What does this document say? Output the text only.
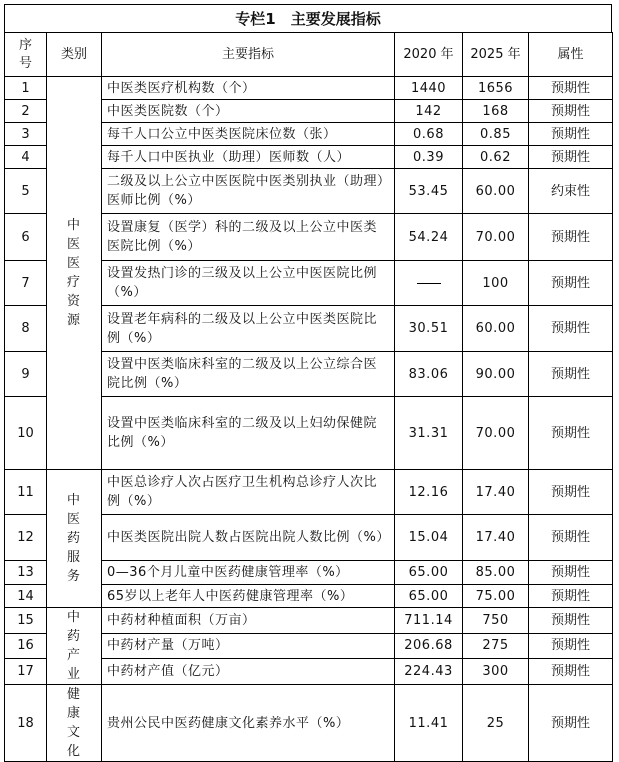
专栏1　主要发展指标
序号	类别	主要指标	2020 年	2025 年	属性
1	中医医疗资源	中医类医疗机构数（个）	1440	1656	预期性
2		中医类医院数（个）	142	168	预期性
3		每千人口公立中医类医院床位数（张）	0.68	0.85	预期性
4		每千人口中医执业（助理）医师数（人）	0.39	0.62	预期性
5		二级及以上公立中医医院中医类别执业（助理）医师比例（%）	53.45	60.00	约束性
6		设置康复（医学）科的二级及以上公立中医类医院比例（%）	54.24	70.00	预期性
7		设置发热门诊的三级及以上公立中医医院比例（%）		100	预期性
8		设置老年病科的二级及以上公立中医类医院比例（%）	30.51	60.00	预期性
9		设置中医类临床科室的二级及以上公立综合医院比例（%）	83.06	90.00	预期性
10		设置中医类临床科室的二级及以上妇幼保健院比例（%）	31.31	70.00	预期性
11	中医药服务	中医总诊疗人次占医疗卫生机构总诊疗人次比例（%）	12.16	17.40	预期性
12		中医类医院出院人数占医院出院人数比例（%）	15.04	17.40	预期性
13		0—36个月儿童中医药健康管理率（%）	65.00	85.00	预期性
14		65岁以上老年人中医药健康管理率（%）	65.00	75.00	预期性
15	中药产业	中药材种植面积（万亩）	711.14	750	预期性
16		中药材产量（万吨）	206.68	275	预期性
17		中药材产值（亿元）	224.43	300	预期性
18	健康文化	贵州公民中医药健康文化素养水平（%）	11.41	25	预期性
